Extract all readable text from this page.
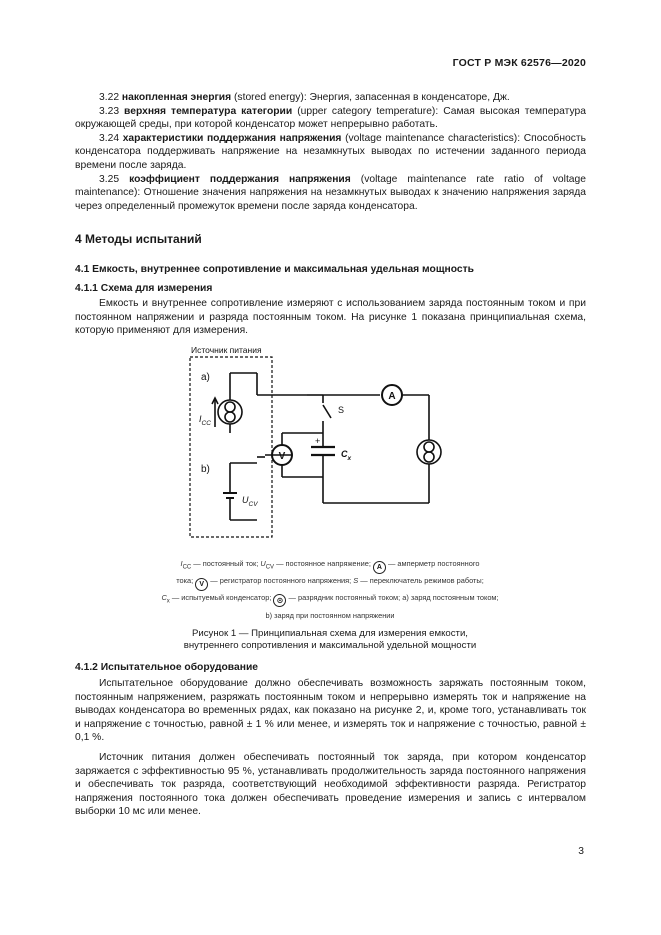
ГОСТ Р МЭК 62576—2020

3.22 накопленная энергия (stored energy): Энергия, запасенная в конденсаторе, Дж.

3.23 верхняя температура категории (upper category temperature): Самая высокая температура окружающей среды, при которой конденсатор может непрерывно работать.

3.24 характеристики поддержания напряжения (voltage maintenance characteristics): Способность конденсатора поддерживать напряжение на незамкнутых выводах по истечении заданного периода времени после заряда.

3.25 коэффициент поддержания напряжения (voltage maintenance rate ratio of voltage maintenance): Отношение значения напряжения на незамкнутых выводах к значению напряжения заряда через определенный промежуток времени после заряда конденсатора.

4 Методы испытаний
4.1 Емкость, внутреннее сопротивление и максимальная удельная мощность
4.1.1 Схема для измерения

Емкость и внутреннее сопротивление измеряют с использованием заряда постоянным током и при постоянном напряжении и разряда постоянным током. На рисунке 1 показана принципиальная схема, которую применяют для измерения.

Источник питания
a)
$I_{CC}$
b)
$U_{CV}$
S
A
+
$C_x$
V
$I_{CC}$ — постоянный ток; $U_{CV}$ — постоянное напряжение; A — амперметр постоянного
тока; V — регистратор постоянного напряжения; S — переключатель режимов работы;
$C_x$ — испытуемый конденсатор; ⊙ — разрядник постоянный током; a) заряд постоянным током;
b) заряд при постоянном напряжении
Рисунок 1 — Принципиальная схема для измерения емкости,
внутреннего сопротивления и максимальной удельной мощности
4.1.2 Испытательное оборудование

Испытательное оборудование должно обеспечивать возможность заряжать постоянным током, постоянным напряжением, разряжать постоянным током и непрерывно измерять ток и напряжение на выводах конденсатора во временных рядах, как показано на рисунке 2, и, кроме того, устанавливать ток и напряжение с точностью, равной ± 1 % или менее, и измерять ток и напряжение с точностью, равной ± 0,1 %.

Источник питания должен обеспечивать постоянный ток заряда, при котором конденсатор заряжается с эффективностью 95 %, устанавливать продолжительность заряда постоянного напряжения и обеспечивать ток разряда, соответствующий необходимой эффективности разряда. Регистратор напряжения постоянного тока должен обеспечивать проведение измерения и запись с интервалом выборки 10 мс или менее.

3
